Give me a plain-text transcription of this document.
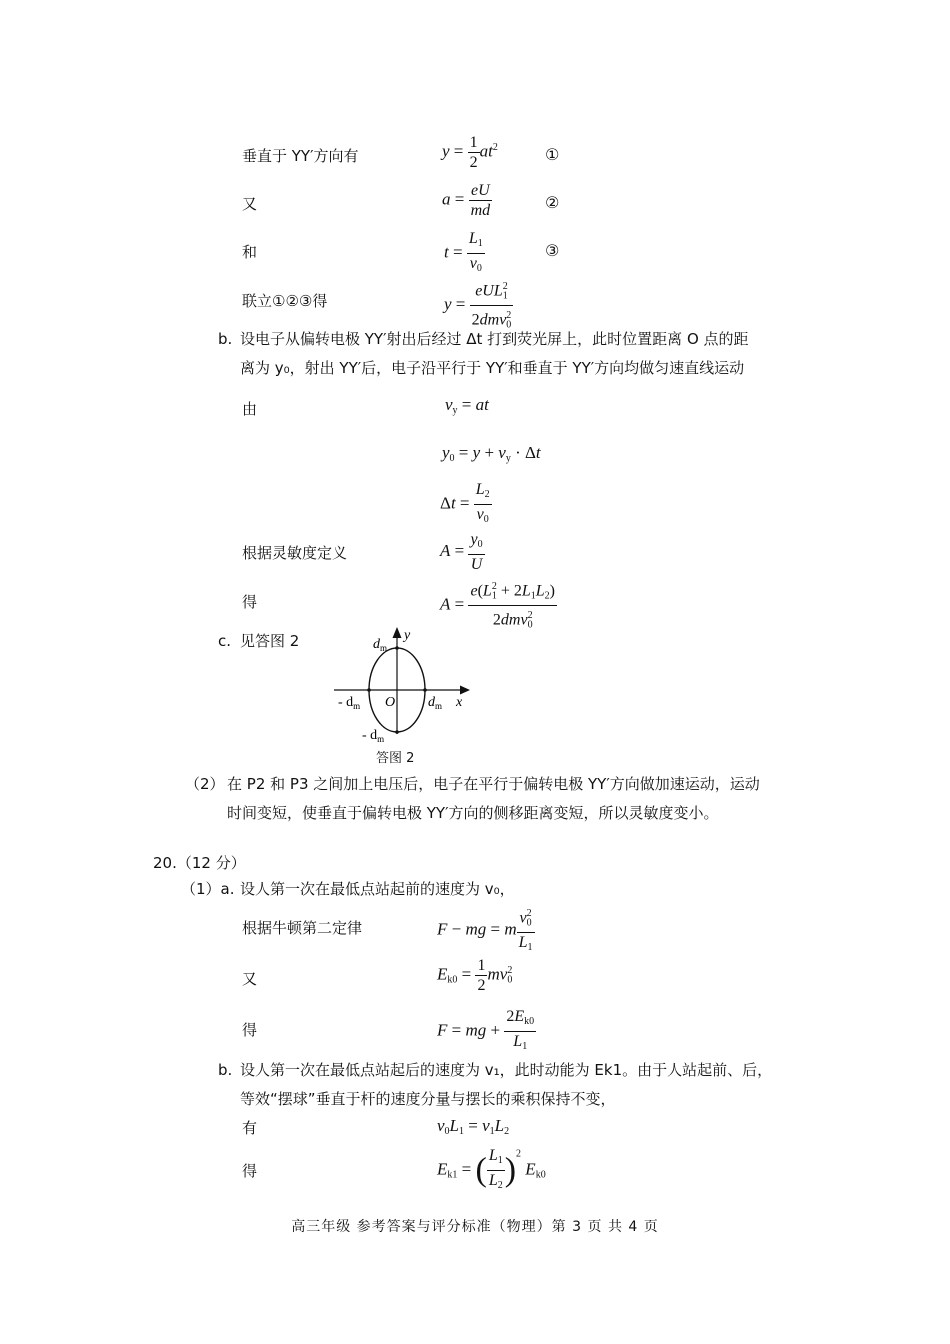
垂直于 YY′方向有	$y = \frac{1}{2} at^2$	①
又	$a = \frac{eU}{md}$	②
和	$t = \frac{L_1}{v_0}$	③
联立①②③得	$y = \frac{eUL_1^2}{2dmv_0^2}$
b. 设电子从偏转电极 YY′射出后经过 Δt 打到荧光屏上，此时位置距离 O 点的距
离为 y₀，射出 YY′后，电子沿平行于 YY′和垂直于 YY′方向均做匀速直线运动
由	$v_y$ = at
$y_0 = y + v_y \cdot \Delta t$
$\Delta t = \frac{L_2}{v_0}$
根据灵敏度定义	$A = \frac{y_0}{U}$
得	$A = \frac{e(L_1^2 + 2L_1L_2)}{2dmv_0^2}$
c. 见答图 2	y
x
O
$d_m$
$d_m$
- $d_m$
- $d_m$
答图 2
（2） 在 P2 和 P3 之间加上电压后，电子在平行于偏转电极 YY′方向做加速运动，运动
时间变短，使垂直于偏转电极 YY′方向的侧移距离变短，所以灵敏度变小。
20.（12 分）
（1）a. 设人第一次在最低点站起前的速度为 v₀，
根据牛顿第二定律	F − mg = m $\frac{v_0^2}{L_1}$
又	$E_{k0} = \frac{1}{2} mv_0^2$
得	F = mg + $\frac{2E_{k0}}{L_1}$
b. 设人第一次在最低点站起后的速度为 v₁，此时动能为 Ek1。由于人站起前、后，
等效“摆球”垂直于杆的速度分量与摆长的乘积保持不变，
有	$v_0L_1 = v_1L_2$
得	$E_{k1}$ = ( $\frac{L_1}{L_2} )^2$ $E_{k0}$
高三年级 参考答案与评分标准（物理）第 3 页 共 4 页
